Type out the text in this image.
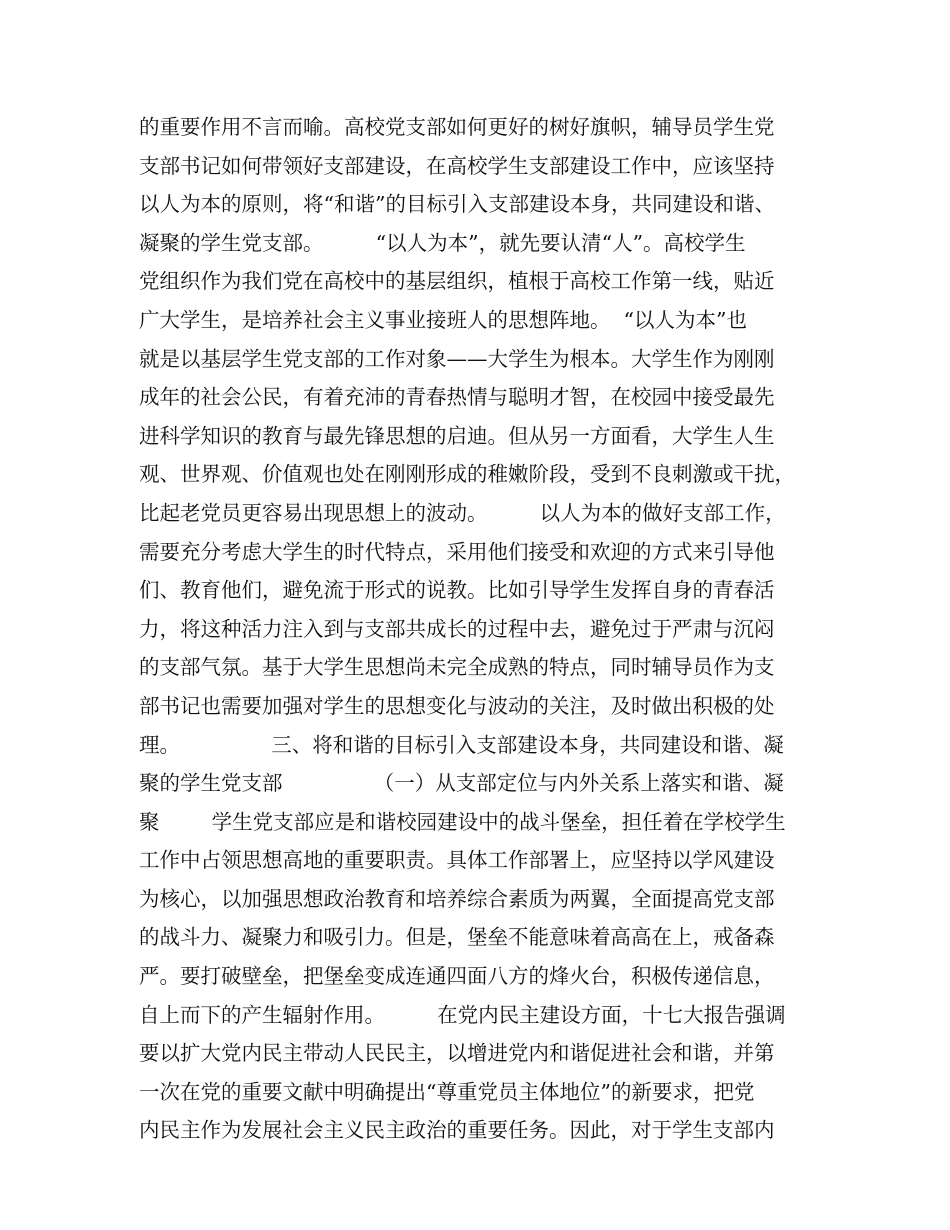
的重要作用不言而喻。高校党支部如何更好的树好旗帜，辅导员学生党
支部书记如何带领好支部建设，在高校学生支部建设工作中，应该坚持
以人为本的原则，将“和谐”的目标引入支部建设本身，共同建设和谐、
凝聚的学生党支部。        “以人为本”，就先要认清“人”。高校学生
党组织作为我们党在高校中的基层组织，植根于高校工作第一线，贴近
广大学生，是培养社会主义事业接班人的思想阵地。  “以人为本”也
就是以基层学生党支部的工作对象——大学生为根本。大学生作为刚刚
成年的社会公民，有着充沛的青春热情与聪明才智，在校园中接受最先
进科学知识的教育与最先锋思想的启迪。但从另一方面看，大学生人生
观、世界观、价值观也处在刚刚形成的稚嫩阶段，受到不良刺激或干扰，
比起老党员更容易出现思想上的波动。        以人为本的做好支部工作，
需要充分考虑大学生的时代特点，采用他们接受和欢迎的方式来引导他
们、教育他们，避免流于形式的说教。比如引导学生发挥自身的青春活
力，将这种活力注入到与支部共成长的过程中去，避免过于严肃与沉闷
的支部气氛。基于大学生思想尚未完全成熟的特点，同时辅导员作为支
部书记也需要加强对学生的思想变化与波动的关注，及时做出积极的处
理。              三、将和谐的目标引入支部建设本身，共同建设和谐、凝
聚的学生党支部              （一）从支部定位与内外关系上落实和谐、凝
聚        学生党支部应是和谐校园建设中的战斗堡垒，担任着在学校学生
工作中占领思想高地的重要职责。具体工作部署上，应坚持以学风建设
为核心，以加强思想政治教育和培养综合素质为两翼，全面提高党支部
的战斗力、凝聚力和吸引力。但是，堡垒不能意味着高高在上，戒备森
严。要打破壁垒，把堡垒变成连通四面八方的烽火台，积极传递信息，
自上而下的产生辐射作用。        在党内民主建设方面，十七大报告强调
要以扩大党内民主带动人民民主，以增进党内和谐促进社会和谐，并第
一次在党的重要文献中明确提出“尊重党员主体地位”的新要求，把党
内民主作为发展社会主义民主政治的重要任务。因此，对于学生支部内
